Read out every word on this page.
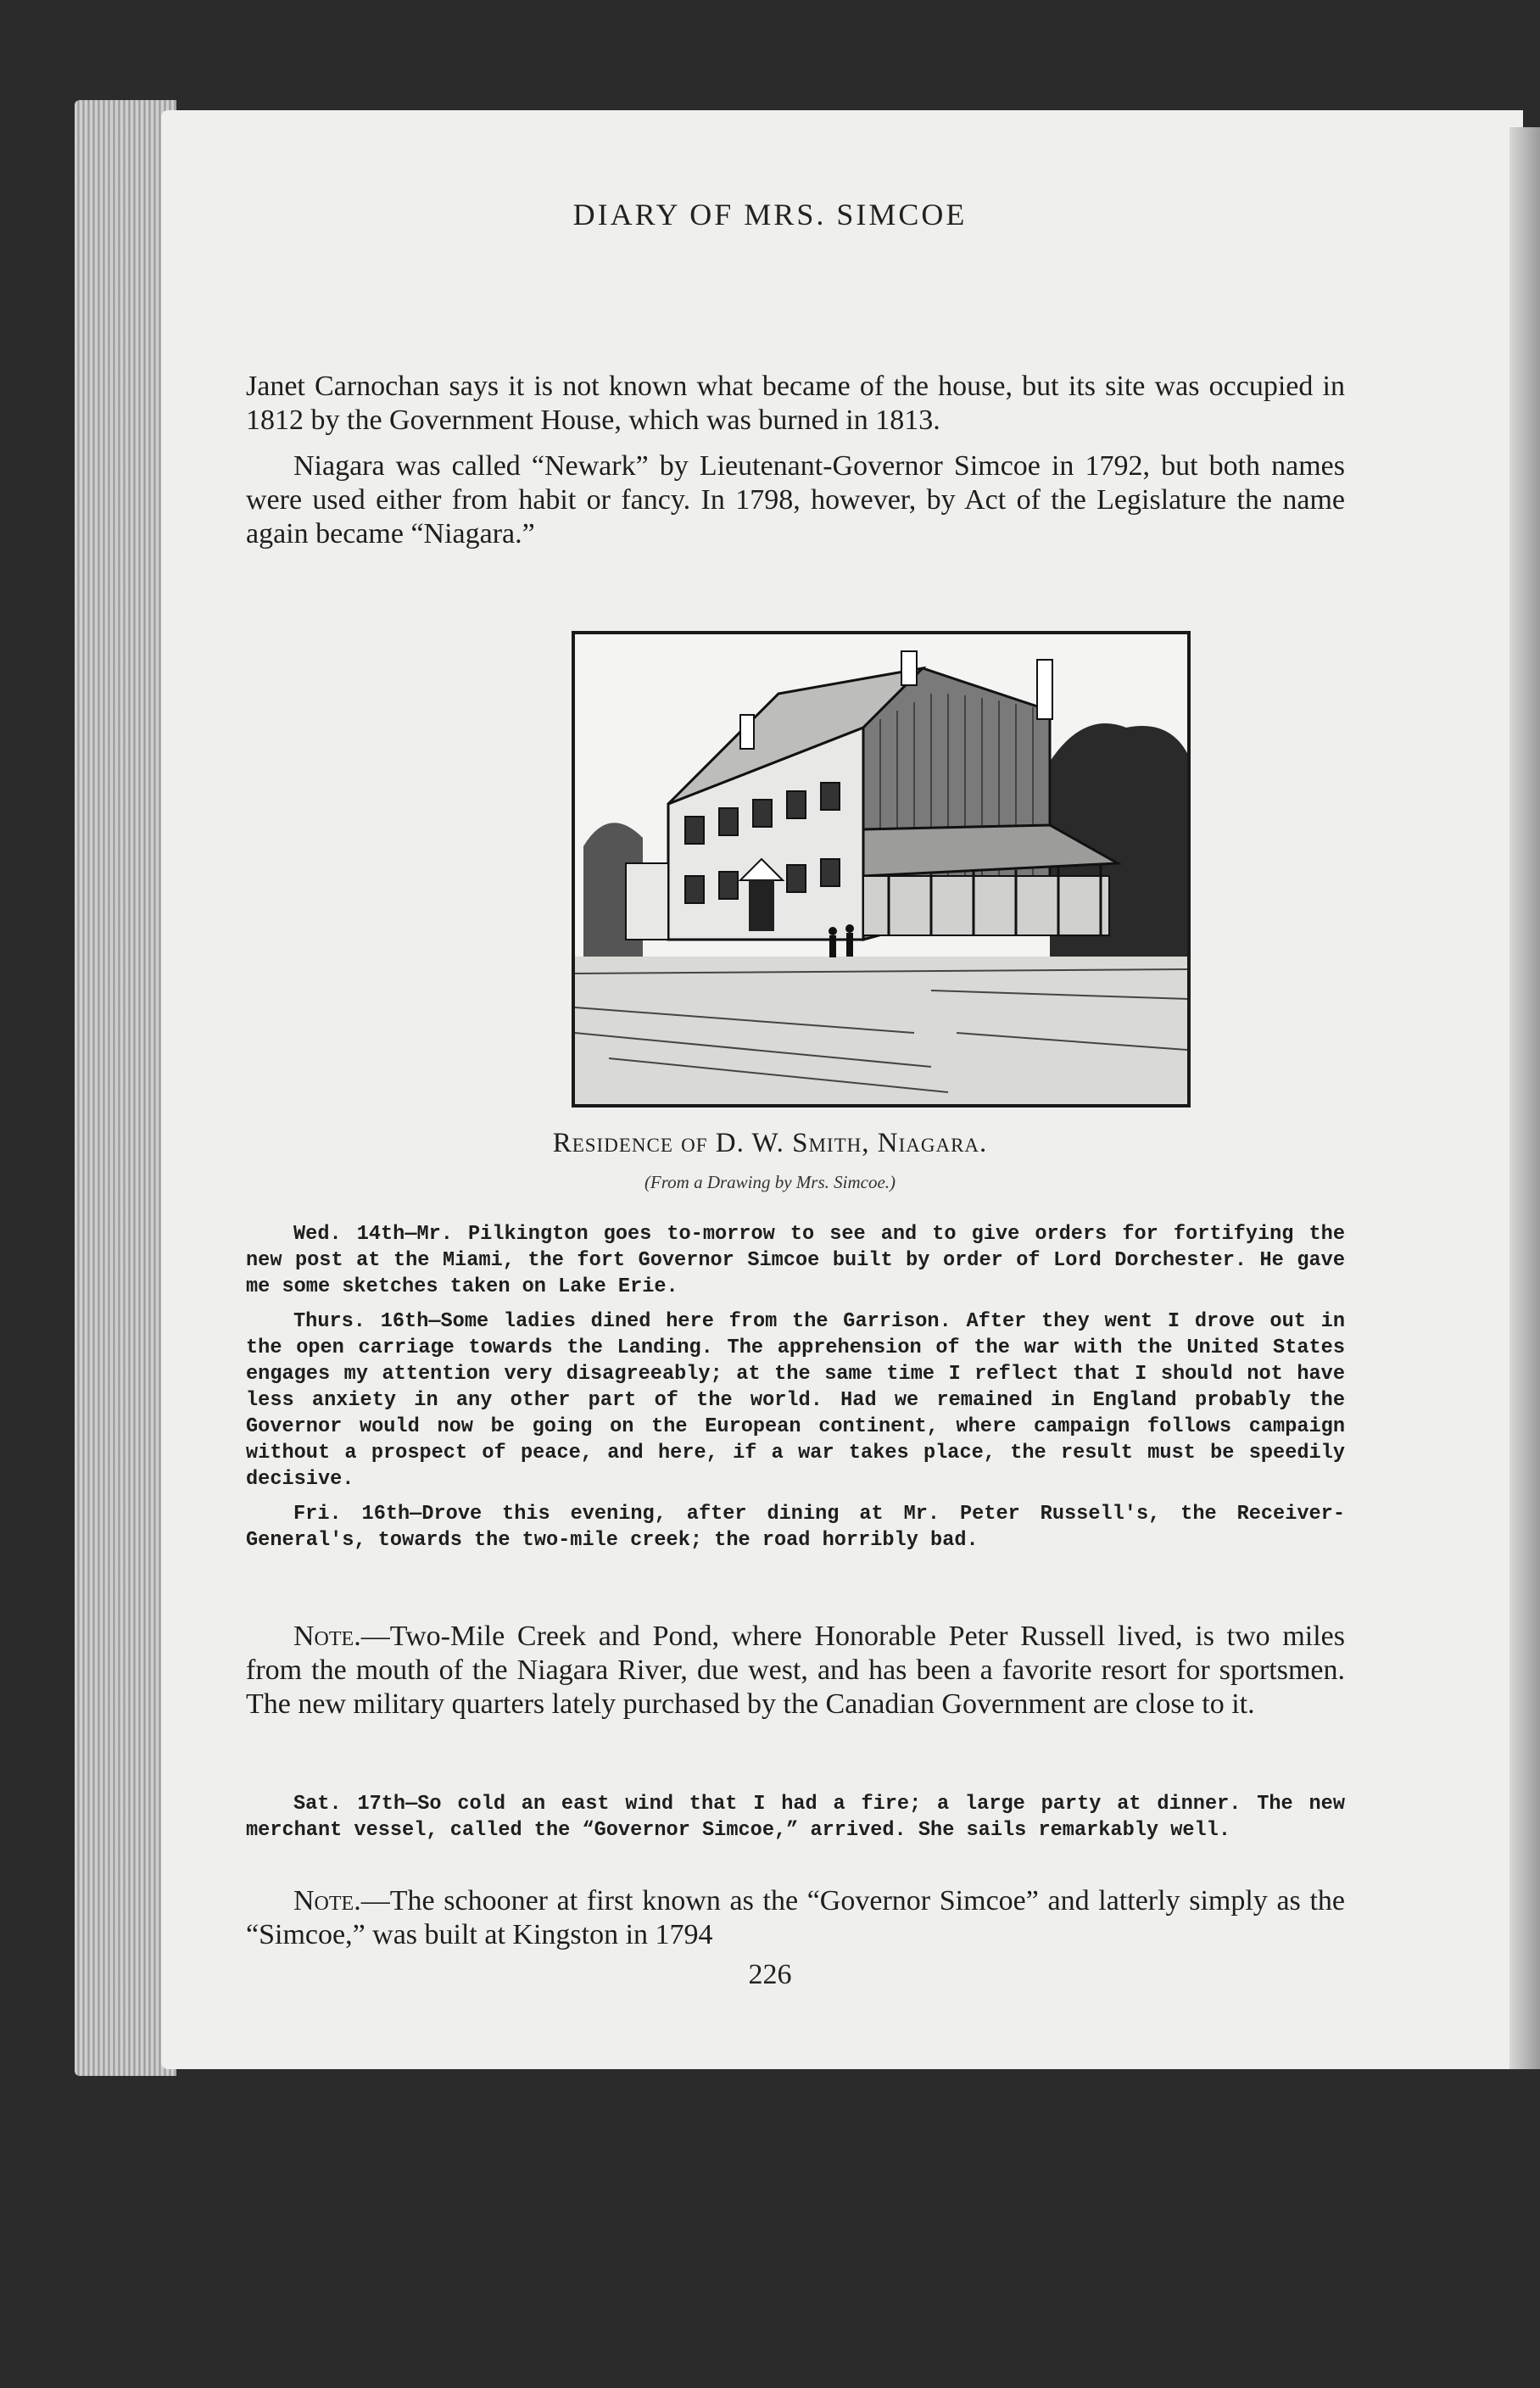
DIARY OF MRS. SIMCOE

Janet Carnochan says it is not known what became of the house, but its site was occupied in 1812 by the Government House, which was burned in 1813.

Niagara was called “Newark” by Lieutenant-Governor Simcoe in 1792, but both names were used either from habit or fancy. In 1798, however, by Act of the Legislature the name again became “Niagara.”

Residence of D. W. Smith, Niagara.
(From a Drawing by Mrs. Simcoe.)

Wed. 14th—Mr. Pilkington goes to-morrow to see and to give orders for fortifying the new post at the Miami, the fort Governor Simcoe built by order of Lord Dorchester. He gave me some sketches taken on Lake Erie.

Thurs. 16th—Some ladies dined here from the Garrison. After they went I drove out in the open carriage towards the Landing. The apprehension of the war with the United States engages my attention very disagreeably; at the same time I reflect that I should not have less anxiety in any other part of the world. Had we remained in England probably the Governor would now be going on the European continent, where campaign follows campaign without a prospect of peace, and here, if a war takes place, the result must be speedily decisive.

Fri. 16th—Drove this evening, after dining at Mr. Peter Russell's, the Receiver-General's, towards the two-mile creek; the road horribly bad.

Note.—Two-Mile Creek and Pond, where Honorable Peter Russell lived, is two miles from the mouth of the Niagara River, due west, and has been a favorite resort for sportsmen. The new military quarters lately purchased by the Canadian Government are close to it.

Sat. 17th—So cold an east wind that I had a fire; a large party at dinner. The new merchant vessel, called the “Governor Simcoe,” arrived. She sails remarkably well.

Note.—The schooner at first known as the “Governor Simcoe” and latterly simply as the “Simcoe,” was built at Kingston in 1794

226
